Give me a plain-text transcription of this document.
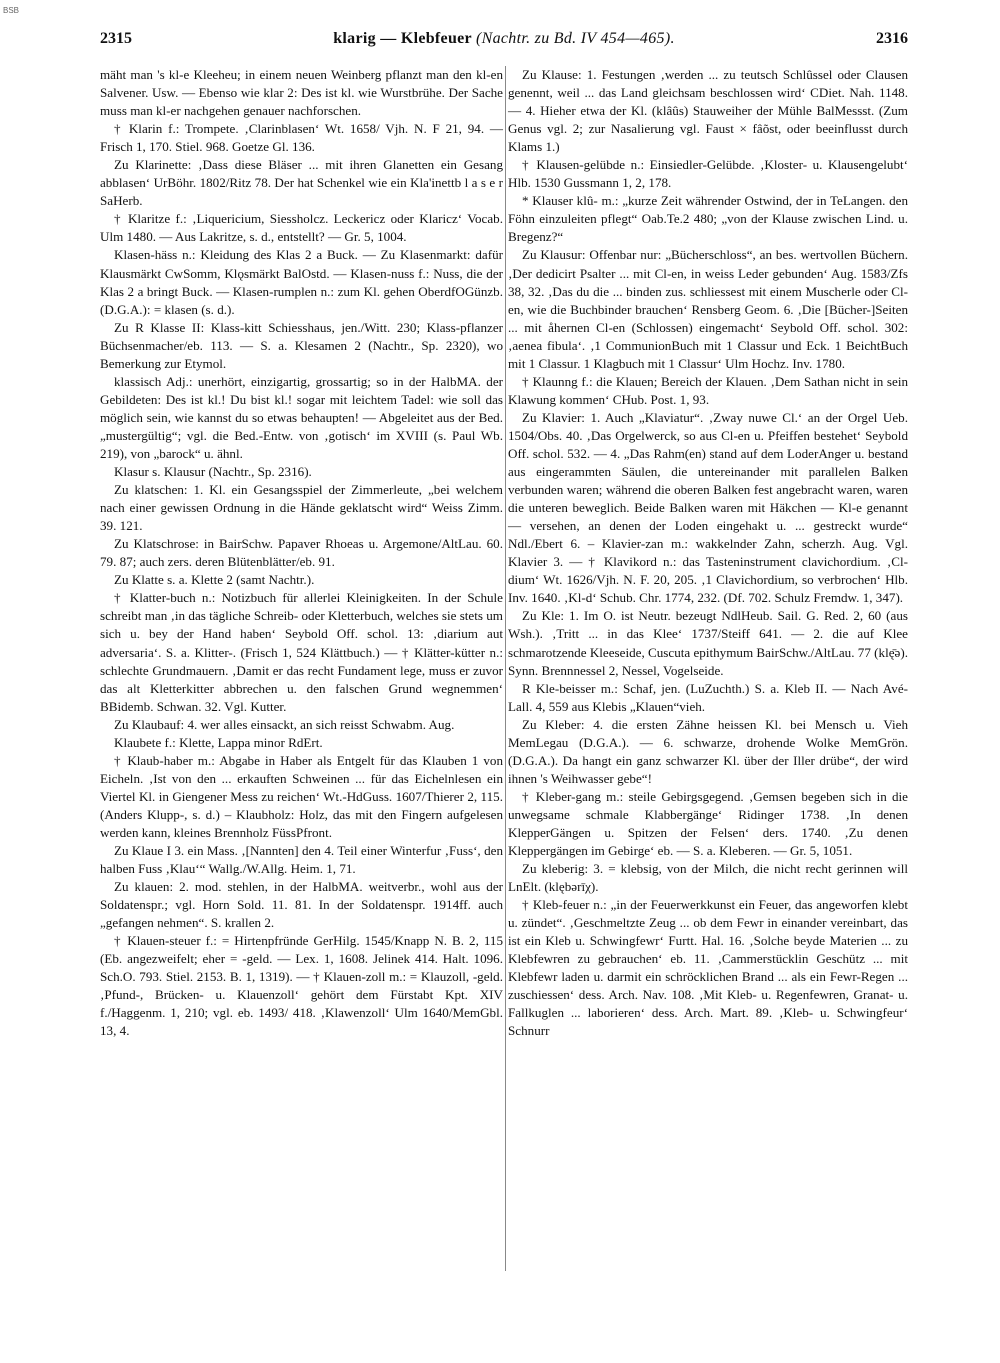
BSB
2315	klarig — Klebfeuer (Nachtr. zu Bd. IV 454—465).	2316

mäht man 's kl-e Kleeheu; in einem neuen Weinberg pflanzt man den kl-en Salvener. Usw. — Ebenso wie klar 2: Des ist kl. wie Wurstbrühe. Der Sache muss man kl-er nachgehen genauer nachforschen.

† Klarin f.: Trompete. ‚Clarinblasen‘ Wt. 1658/ Vjh. N. F 21, 94. — Frisch 1, 170. Stiel. 968. Goetze Gl. 136.

Zu Klarinette: ‚Dass diese Bläser ... mit ihren Glanetten ein Gesang abblasen‘ UrBöhr. 1802/Ritz 78. Der hat Schenkel wie ein Kla'inettb l a s e r SaHerb.

† Klaritze f.: ‚Liquericium, Siessholcz. Leckericz oder Klaricz‘ Vocab. Ulm 1480. — Aus Lakritze, s. d., entstellt? — Gr. 5, 1004.

Klasen-häss n.: Kleidung des Klas 2 a Buck. — Zu Klasenmarkt: dafür Klausmärkt CwSomm, Klǫsmärkt BalOstd. — Klasen-nuss f.: Nuss, die der Klas 2 a bringt Buck. — Klasen-rumplen n.: zum Kl. gehen OberdfOGünzb. (D.G.A.): = klasen (s. d.).

Zu R Klasse II: Klass-kitt Schiesshaus, jen./Witt. 230; Klass-pflanzer Büchsenmacher/eb. 113. — S. a. Klesamen 2 (Nachtr., Sp. 2320), wo Bemerkung zur Etymol.

klassisch Adj.: unerhört, einzigartig, grossartig; so in der HalbMA. der Gebildeten: Des ist kl.! Du bist kl.! sogar mit leichtem Tadel: wie soll das möglich sein, wie kannst du so etwas behaupten! — Abgeleitet aus der Bed. „mustergültig“; vgl. die Bed.-Entw. von ‚gotisch‘ im XVIII (s. Paul Wb. 219), von „barock“ u. ähnl.

Klasur s. Klausur (Nachtr., Sp. 2316).

Zu klatschen: 1. Kl. ein Gesangsspiel der Zimmerleute, „bei welchem nach einer gewissen Ordnung in die Hände geklatscht wird“ Weiss Zimm. 39. 121.

Zu Klatschrose: in BairSchw. Papaver Rhoeas u. Argemone/AltLau. 60. 79. 87; auch zers. deren Blütenblätter/eb. 91.

Zu Klatte s. a. Klette 2 (samt Nachtr.).

† Klatter-buch n.: Notizbuch für allerlei Kleinigkeiten. In der Schule schreibt man ‚in das tägliche Schreib- oder Kletterbuch, welches sie stets um sich u. bey der Hand haben‘ Seybold Off. schol. 13: ‚diarium aut adversaria‘. S. a. Klitter-. (Frisch 1, 524 Klättbuch.) — † Klätter-kütter n.: schlechte Grundmauern. ‚Damit er das recht Fundament lege, muss er zuvor das alt Kletterkitter abbrechen u. den falschen Grund wegnemmen‘ BBidemb. Schwan. 32. Vgl. Kutter.

Zu Klaubauf: 4. wer alles einsackt, an sich reisst Schwabm. Aug.

Klaubete f.: Klette, Lappa minor RdErt.

† Klaub-haber m.: Abgabe in Haber als Entgelt für das Klauben 1 von Eicheln. ‚Ist von den ... erkauften Schweinen ... für das Eichelnlesen ein Viertel Kl. in Giengener Mess zu reichen‘ Wt.-HdGuss. 1607/Thierer 2, 115. (Anders Klupp-, s. d.) – Klaubholz: Holz, das mit den Fingern aufgelesen werden kann, kleines Brennholz FüssPfront.

Zu Klaue I 3. ein Mass. ‚[Nannten] den 4. Teil einer Winterfur ‚Fuss‘, den halben Fuss ‚Klau‘“ Wallg./W.Allg. Heim. 1, 71.

Zu klauen: 2. mod. stehlen, in der HalbMA. weitverbr., wohl aus der Soldatenspr.; vgl. Horn Sold. 11. 81. In der Soldatenspr. 1914ff. auch „gefangen nehmen“. S. krallen 2.

† Klauen-steuer f.: = Hirtenpfründe GerHilg. 1545/Knapp N. B. 2, 115 (Eb. angezweifelt; eher = -geld. — Lex. 1, 1608. Jelinek 414. Halt. 1096. Sch.O. 793. Stiel. 2153. B. 1, 1319). — † Klauen-zoll m.: = Klauzoll, -geld. ‚Pfund-, Brücken- u. Klauenzoll‘ gehört dem Fürstabt Kpt. XIV f./Haggenm. 1, 210; vgl. eb. 1493/ 418. ‚Klawenzoll‘ Ulm 1640/MemGbl. 13, 4.

Zu Klause: 1. Festungen ‚werden ... zu teutsch Schlûssel oder Clausen genennt, weil ... das Land gleichsam beschlossen wird‘ CDiet. Nah. 1148. — 4. Hieher etwa der Kl. (klâûs) Stauweiher der Mühle BalMessst. (Zum Genus vgl. 2; zur Nasalierung vgl. Faust × fâõst, oder beeinflusst durch Klams 1.)

† Klausen-gelübde n.: Einsiedler-Gelübde. ‚Kloster- u. Klausengelubt‘ Hlb. 1530 Gussmann 1, 2, 178.

* Klauser klû- m.: „kurze Zeit währender Ostwind, der in TeLangen. den Föhn einzuleiten pflegt“ Oab.Te.2 480; „von der Klause zwischen Lind. u. Bregenz?“

Zu Klausur: Offenbar nur: „Bücherschloss“, an bes. wertvollen Büchern. ‚Der dedicirt Psalter ... mit Cl-en, in weiss Leder gebunden‘ Aug. 1583/Zfs 38, 32. ‚Das du die ... binden zus. schliessest mit einem Muscherle oder Cl-en, wie die Buchbinder brauchen‘ Rensberg Geom. 6. ‚Die [Bücher-]Seiten ... mit åhernen Cl-en (Schlossen) eingemacht‘ Seybold Off. schol. 302: ‚aenea fibula‘. ‚1 CommunionBuch mit 1 Classur und Eck. 1 BeichtBuch mit 1 Classur. 1 Klagbuch mit 1 Classur‘ Ulm Hochz. Inv. 1780.

† Klaunng f.: die Klauen; Bereich der Klauen. ‚Dem Sathan nicht in sein Klawung kommen‘ CHub. Post. 1, 93.

Zu Klavier: 1. Auch „Klaviatur“. ‚Zway nuwe Cl.‘ an der Orgel Ueb. 1504/Obs. 40. ‚Das Orgelwerck, so aus Cl-en u. Pfeiffen bestehet‘ Seybold Off. schol. 532. — 4. „Das Rahm(en) stand auf dem LoderAnger u. bestand aus eingerammten Säulen, die untereinander mit parallelen Balken verbunden waren; während die oberen Balken fest angebracht waren, waren die unteren beweglich. Beide Balken waren mit Häkchen — Kl-e genannt — versehen, an denen der Loden eingehakt u. ... gestreckt wurde“ Ndl./Ebert 6. – Klavier-zan m.: wakkelnder Zahn, scherzh. Aug. Vgl. Klavier 3. — † Klavikord n.: das Tasteninstrument clavichordium. ‚Cl-dium‘ Wt. 1626/Vjh. N. F. 20, 205. ‚1 Clavichordium, so verbrochen‘ Hlb. Inv. 1640. ‚Kl-d‘ Schub. Chr. 1774, 232. (Df. 702. Schulz Fremdw. 1, 347).

Zu Kle: 1. Im O. ist Neutr. bezeugt NdlHeub. Sail. G. Red. 2, 60 (aus Wsh.). ‚Tritt ... in das Klee‘ 1737/Steiff 641. — 2. die auf Klee schmarotzende Kleeseide, Cuscuta epithymum BairSchw./AltLau. 77 (klę̄ə). Synn. Brennnessel 2, Nessel, Vogelseide.

R Kle-beisser m.: Schaf, jen. (LuZuchth.) S. a. Kleb II. — Nach Avé-Lall. 4, 559 aus Klebis „Klauen“vieh.

Zu Kleber: 4. die ersten Zähne heissen Kl. bei Mensch u. Vieh MemLegau (D.G.A.). — 6. schwarze, drohende Wolke MemGrön. (D.G.A.). Da hangt ein ganz schwarzer Kl. über der Iller drübe“, der wird ihnen 's Weihwasser gebe“!

† Kleber-gang m.: steile Gebirgsgegend. ‚Gemsen begeben sich in die unwegsame schmale Klabbergänge‘ Ridinger 1738. ‚In denen KlepperGängen u. Spitzen der Felsen‘ ders. 1740. ‚Zu denen Kleppergängen im Gebirge‘ eb. — S. a. Kleberen. — Gr. 5, 1051.

Zu kleberig: 3. = klebsig, von der Milch, die nicht recht gerinnen will LnElt. (klębərīχ).

† Kleb-feuer n.: „in der Feuerwerkkunst ein Feuer, das angeworfen klebt u. zündet“. ‚Geschmeltzte Zeug ... ob dem Fewr in einander vereinbart, das ist ein Kleb u. Schwingfewr‘ Furtt. Hal. 16. ‚Solche beyde Materien ... zu Klebfewren zu gebrauchen‘ eb. 11. ‚Cammerstücklin Geschütz ... mit Klebfewr laden u. darmit ein schröcklichen Brand ... als ein Fewr-Regen ... zuschiessen‘ dess. Arch. Nav. 108. ‚Mit Kleb- u. Regenfewren, Granat- u. Fallkuglen ... laborieren‘ dess. Arch. Mart. 89. ‚Kleb- u. Schwingfeur‘ Schnurr
